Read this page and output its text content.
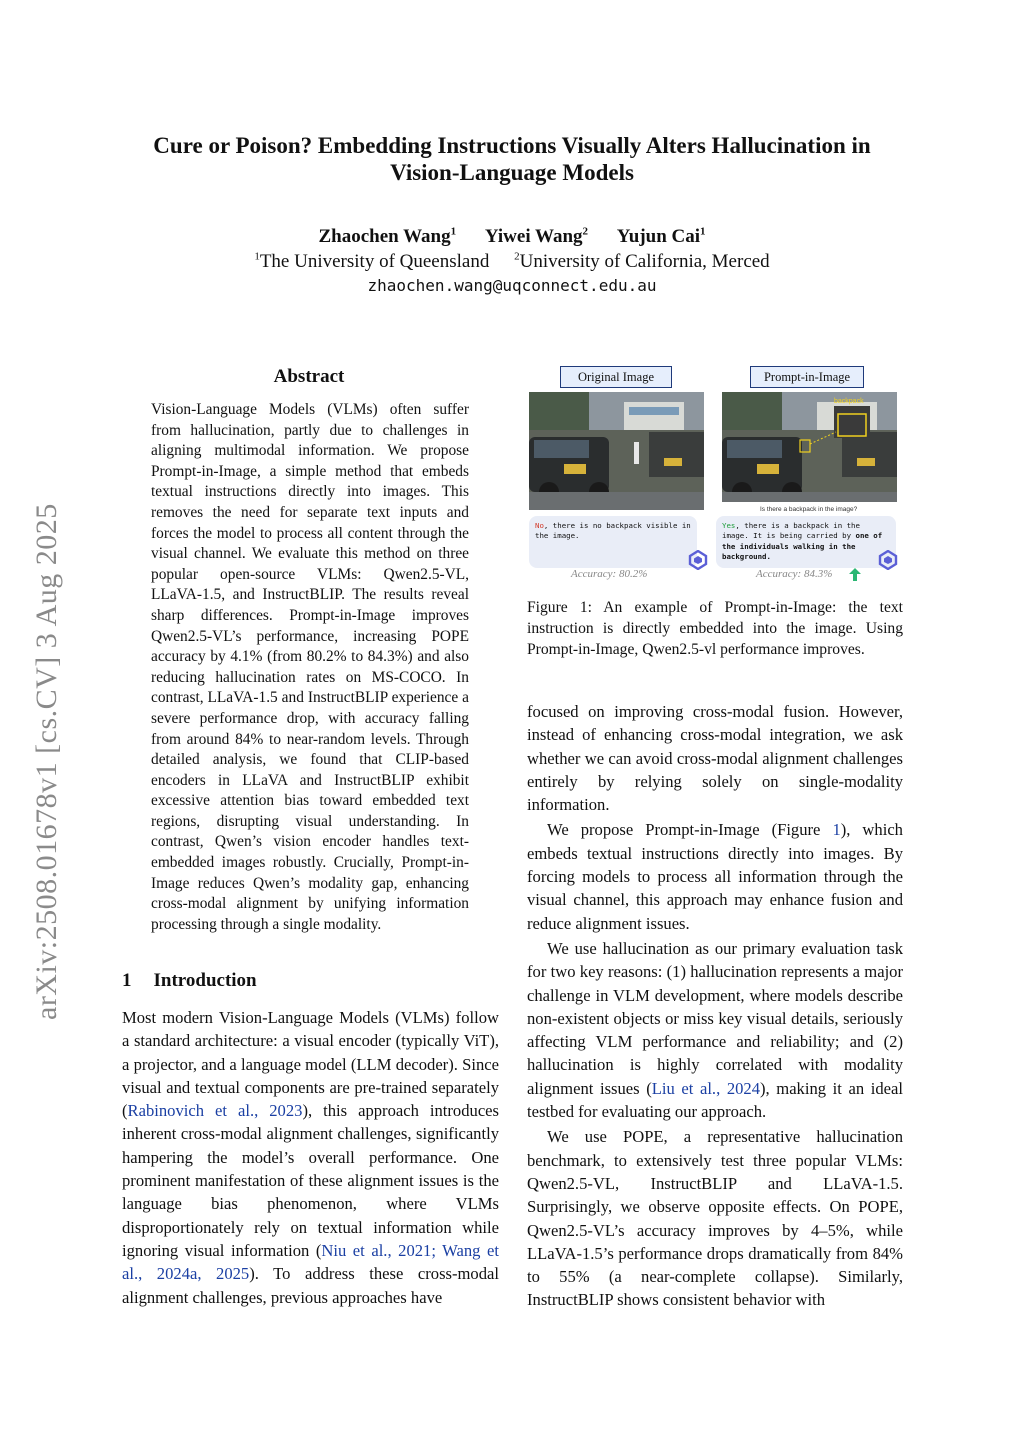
Cure or Poison? Embedding Instructions Visually Alters Hallucination in
Vision-Language Models
Zhaochen Wang$^1$ Yiwei Wang$^2$ Yujun Cai$^1$
$^1$The University of Queensland $^2$University of California, Merced
zhaochen.wang@uqconnect.edu.au
arXiv:2508.01678v1 [cs.CV] 3 Aug 2025
Abstract
Vision-Language Models (VLMs) often suffer from hallucination, partly due to challenges in aligning multimodal information. We propose Prompt-in-Image, a simple method that embeds textual instructions directly into images. This removes the need for separate text inputs and forces the model to process all content through the visual channel. We evaluate this method on three popular open-source VLMs: Qwen2.5-VL, LLaVA-1.5, and InstructBLIP. The results reveal sharp differences. Prompt-in-Image improves Qwen2.5-VL’s performance, increasing POPE accuracy by 4.1% (from 80.2% to 84.3%) and also reducing hallucination rates on MS-COCO. In contrast, LLaVA-1.5 and InstructBLIP experience a severe performance drop, with accuracy falling from around 84% to near-random levels. Through detailed analysis, we found that CLIP-based encoders in LLaVA and InstructBLIP exhibit excessive attention bias toward embedded text regions, disrupting visual understanding. In contrast, Qwen’s vision encoder handles text-embedded images robustly. Crucially, Prompt-in-Image reduces Qwen’s modality gap, enhancing cross-modal alignment by unifying information processing through a single modality.
Original Image	Prompt-in-Image
backpack
Is there a backpack in the image?
No, there is no backpack visible in the image.
Yes, there is a backpack in the image. It is being carried by one of the individuals walking in the background.
Accuracy: 80.2%	Accuracy: 84.3%
Figure 1: An example of Prompt-in-Image: the text instruction is directly embedded into the image. Using Prompt-in-Image, Qwen2.5-vl performance improves.
1 Introduction

Most modern Vision-Language Models (VLMs) follow a standard architecture: a visual encoder (typically ViT), a projector, and a language model (LLM decoder). Since visual and textual components are pre-trained separately (Rabinovich et al., 2023), this approach introduces inherent cross-modal alignment challenges, significantly hampering the model’s overall performance. One prominent manifestation of these alignment issues is the language bias phenomenon, where VLMs disproportionately rely on textual information while ignoring visual information (Niu et al., 2021; Wang et al., 2024a, 2025). To address these cross-modal alignment challenges, previous approaches have

focused on improving cross-modal fusion. However, instead of enhancing cross-modal integration, we ask whether we can avoid cross-modal alignment challenges entirely by relying solely on single-modality information.

We propose Prompt-in-Image (Figure 1), which embeds textual instructions directly into images. By forcing models to process all information through the visual channel, this approach may enhance fusion and reduce alignment issues.

We use hallucination as our primary evaluation task for two key reasons: (1) hallucination represents a major challenge in VLM development, where models describe non-existent objects or miss key visual details, seriously affecting VLM performance and reliability; and (2) hallucination is highly correlated with modality alignment issues (Liu et al., 2024), making it an ideal testbed for evaluating our approach.

We use POPE, a representative hallucination benchmark, to extensively test three popular VLMs: Qwen2.5-VL, InstructBLIP and LLaVA-1.5. Surprisingly, we observe opposite effects. On POPE, Qwen2.5-VL’s accuracy improves by 4–5%, while LLaVA-1.5’s performance drops dramatically from 84% to 55% (a near-complete collapse). Similarly, InstructBLIP shows consistent behavior with
